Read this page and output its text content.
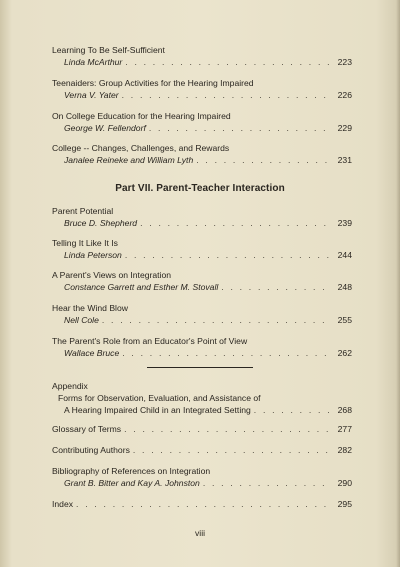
Learning To Be Self-Sufficient
Linda McArthur . . .	223
Teenaiders: Group Activities for the Hearing Impaired
Verna V. Yater . . .	226
On College Education for the Hearing Impaired
George W. Fellendorf . . .	229
College -- Changes, Challenges, and Rewards
Janalee Reineke and William Lyth . . .	231
Part VII. Parent-Teacher Interaction
Parent Potential
Bruce D. Shepherd . . .	239
Telling It Like It Is
Linda Peterson . . .	244
A Parent's Views on Integration
Constance Garrett and Esther M. Stovall . . .	248
Hear the Wind Blow
Nell Cole . . .	255
The Parent's Role from an Educator's Point of View
Wallace Bruce . . .	262
Appendix
Forms for Observation, Evaluation, and Assistance of
A Hearing Impaired Child in an Integrated Setting . . .	268
Glossary of Terms . . .	277
Contributing Authors . . .	282
Bibliography of References on Integration
Grant B. Bitter and Kay A. Johnston . . .	290
Index . . .	295
viii
